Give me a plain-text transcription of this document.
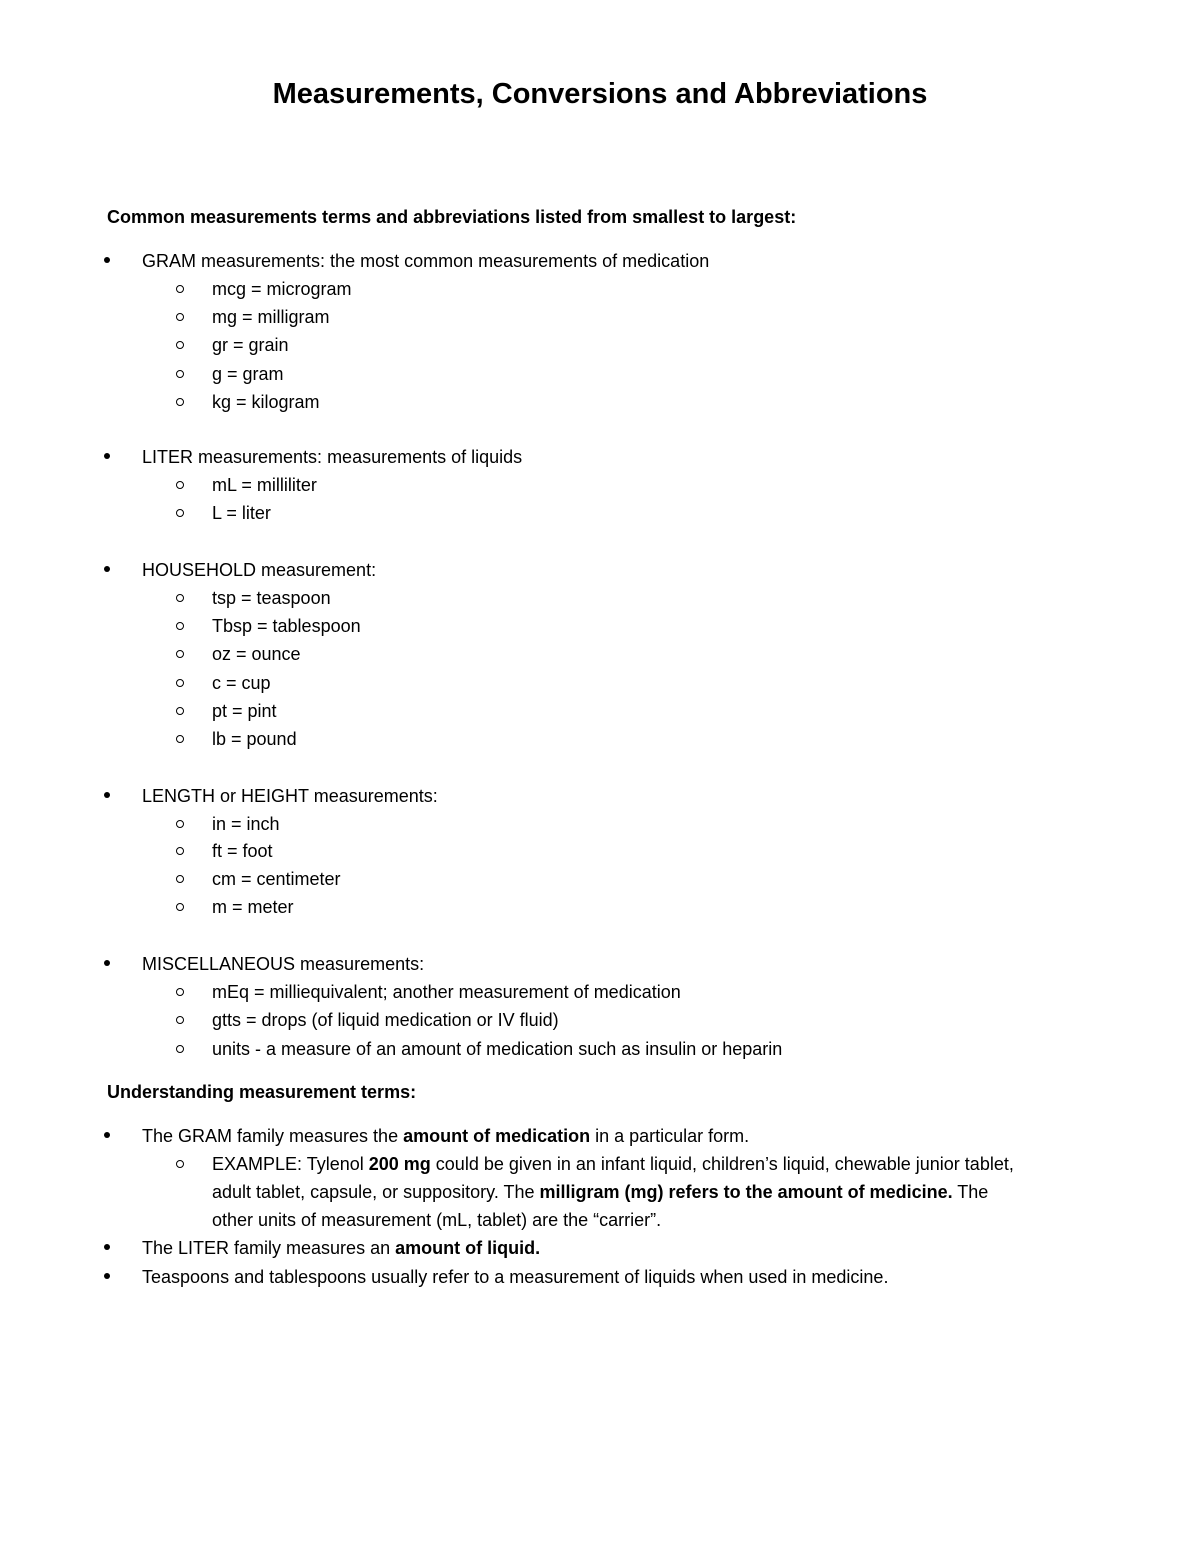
Measurements, Conversions and Abbreviations
Common measurements terms and abbreviations listed from smallest to largest:
GRAM measurements: the most common measurements of medication
mcg = microgram
mg = milligram
gr = grain
g = gram
kg = kilogram
LITER measurements: measurements of liquids
mL = milliliter
L = liter
HOUSEHOLD measurement:
tsp = teaspoon
Tbsp = tablespoon
oz = ounce
c = cup
pt = pint
lb = pound
LENGTH or HEIGHT measurements:
in = inch
ft = foot
cm = centimeter
m = meter
MISCELLANEOUS measurements:
mEq = milliequivalent; another measurement of medication
gtts = drops (of liquid medication or IV fluid)
units - a measure of an amount of medication such as insulin or heparin
Understanding measurement terms:
The GRAM family measures the amount of medication in a particular form.
EXAMPLE: Tylenol 200 mg could be given in an infant liquid, children’s liquid, chewable junior tablet,
adult tablet, capsule, or suppository. The milligram (mg) refers to the amount of medicine. The
other units of measurement (mL, tablet) are the “carrier”.
The LITER family measures an amount of liquid.
Teaspoons and tablespoons usually refer to a measurement of liquids when used in medicine.
